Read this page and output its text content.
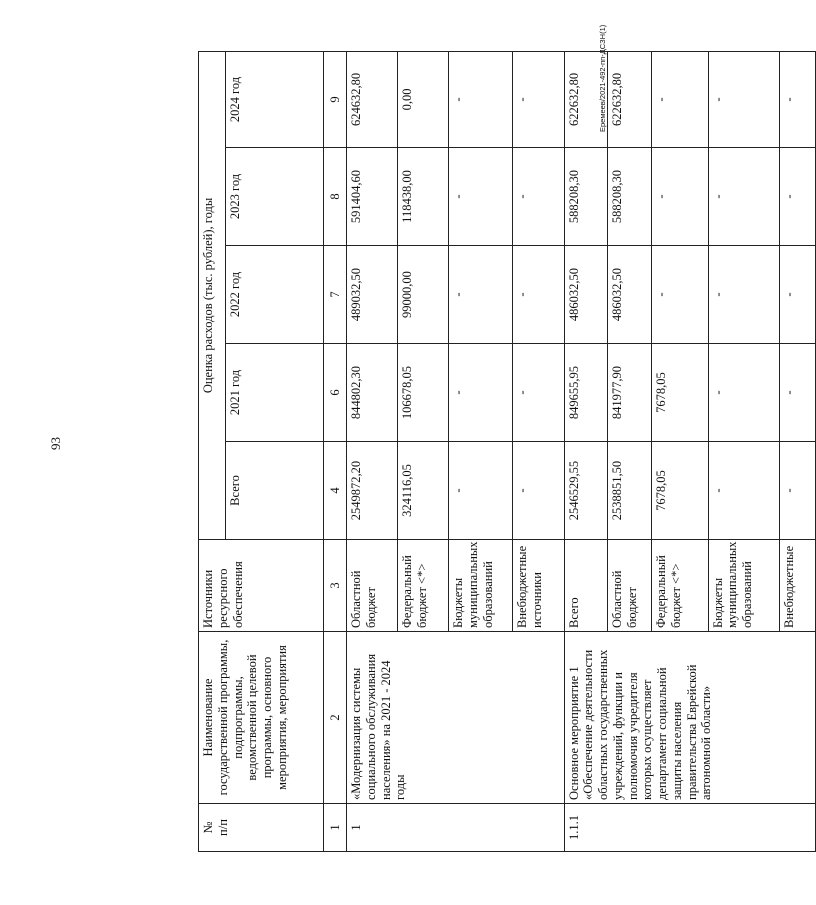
93
Еремеев/2021-492-пп-ДСЗН(1)
№
п/п	Наименование государственной программы, подпрограммы, ведомственной целевой программы, основного мероприятия, мероприятия	Источники ресурсного обеспечения	Оценка расходов (тыс. рублей), годы				
			Всего	2021 год	2022 год	2023 год	2024 год
1	2	3	4	6	7	8	9
1	«Модернизация системы социального обслуживания населения» на 2021 - 2024 годы	Областной бюджет	2549872,20	844802,30	489032,50	591404,60	624632,80
		Федеральный бюджет <*>	324116,05	106678,05	99000,00	118438,00	0,00
		Бюджеты муниципальных образований	-	-	-	-	-
		Внебюджетные источники	-	-	-	-	-
1.1.1	Основное мероприятие 1 «Обеспечение деятельности областных государственных учреждений, функции и полномочия учредителя которых осуществляет департамент социальной защиты населения правительства Еврейской автономной области»	Всего	2546529,55	849655,95	486032,50	588208,30	622632,80
		Областной бюджет	2538851,50	841977,90	486032,50	588208,30	622632,80
		Федеральный бюджет <*>	7678,05	7678,05	-	-	-
		Бюджеты муниципальных образований	-	-	-	-	-
		Внебюджетные	-	-	-	-	-
